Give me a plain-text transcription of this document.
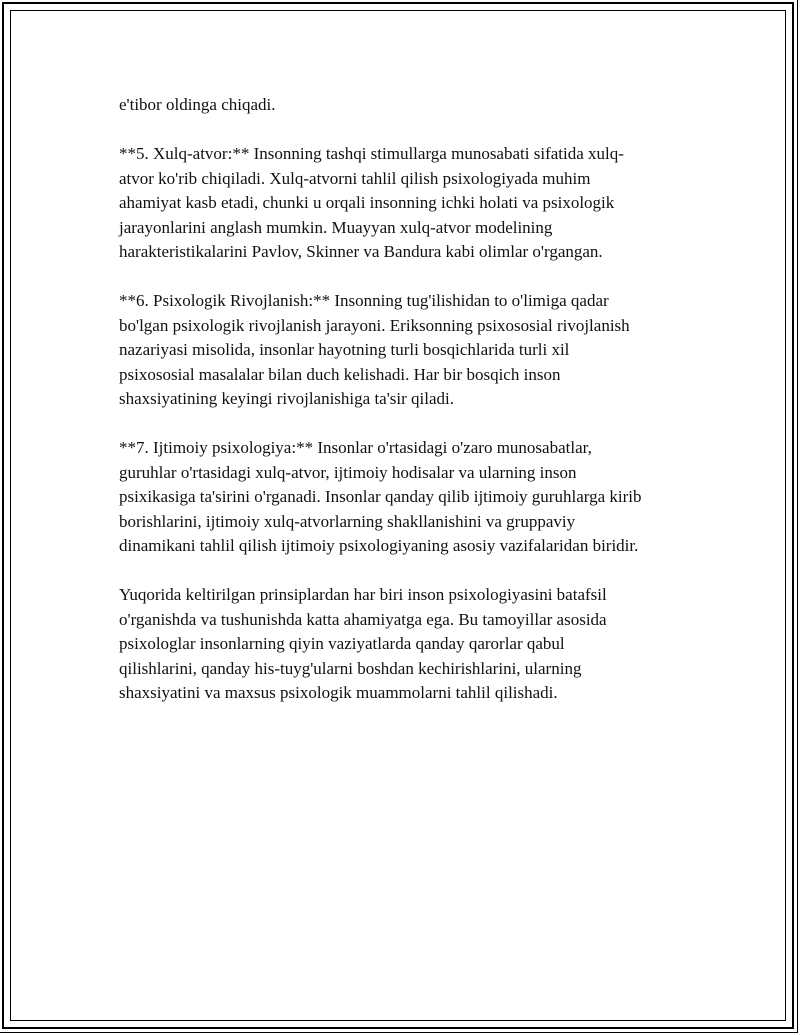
e'tibor oldinga chiqadi.

**5. Xulq-atvor:** Insonning tashqi stimullarga munosabati sifatida xulq-
atvor ko'rib chiqiladi. Xulq-atvorni tahlil qilish psixologiyada muhim
ahamiyat kasb etadi, chunki u orqali insonning ichki holati va psixologik
jarayonlarini anglash mumkin. Muayyan xulq-atvor modelining
harakteristikalarini Pavlov, Skinner va Bandura kabi olimlar o'rgangan.

**6. Psixologik Rivojlanish:** Insonning tug'ilishidan to o'limiga qadar
bo'lgan psixologik rivojlanish jarayoni. Eriksonning psixososial rivojlanish
nazariyasi misolida, insonlar hayotning turli bosqichlarida turli xil
psixososial masalalar bilan duch kelishadi. Har bir bosqich inson
shaxsiyatining keyingi rivojlanishiga ta'sir qiladi.

**7. Ijtimoiy psixologiya:** Insonlar o'rtasidagi o'zaro munosabatlar,
guruhlar o'rtasidagi xulq-atvor, ijtimoiy hodisalar va ularning inson
psixikasiga ta'sirini o'rganadi. Insonlar qanday qilib ijtimoiy guruhlarga kirib
borishlarini, ijtimoiy xulq-atvorlarning shakllanishini va gruppaviy
dinamikani tahlil qilish ijtimoiy psixologiyaning asosiy vazifalaridan biridir.

Yuqorida keltirilgan prinsiplardan har biri inson psixologiyasini batafsil
o'rganishda va tushunishda katta ahamiyatga ega. Bu tamoyillar asosida
psixologlar insonlarning qiyin vaziyatlarda qanday qarorlar qabul
qilishlarini, qanday his-tuyg'ularni boshdan kechirishlarini, ularning
shaxsiyatini va maxsus psixologik muammolarni tahlil qilishadi.
